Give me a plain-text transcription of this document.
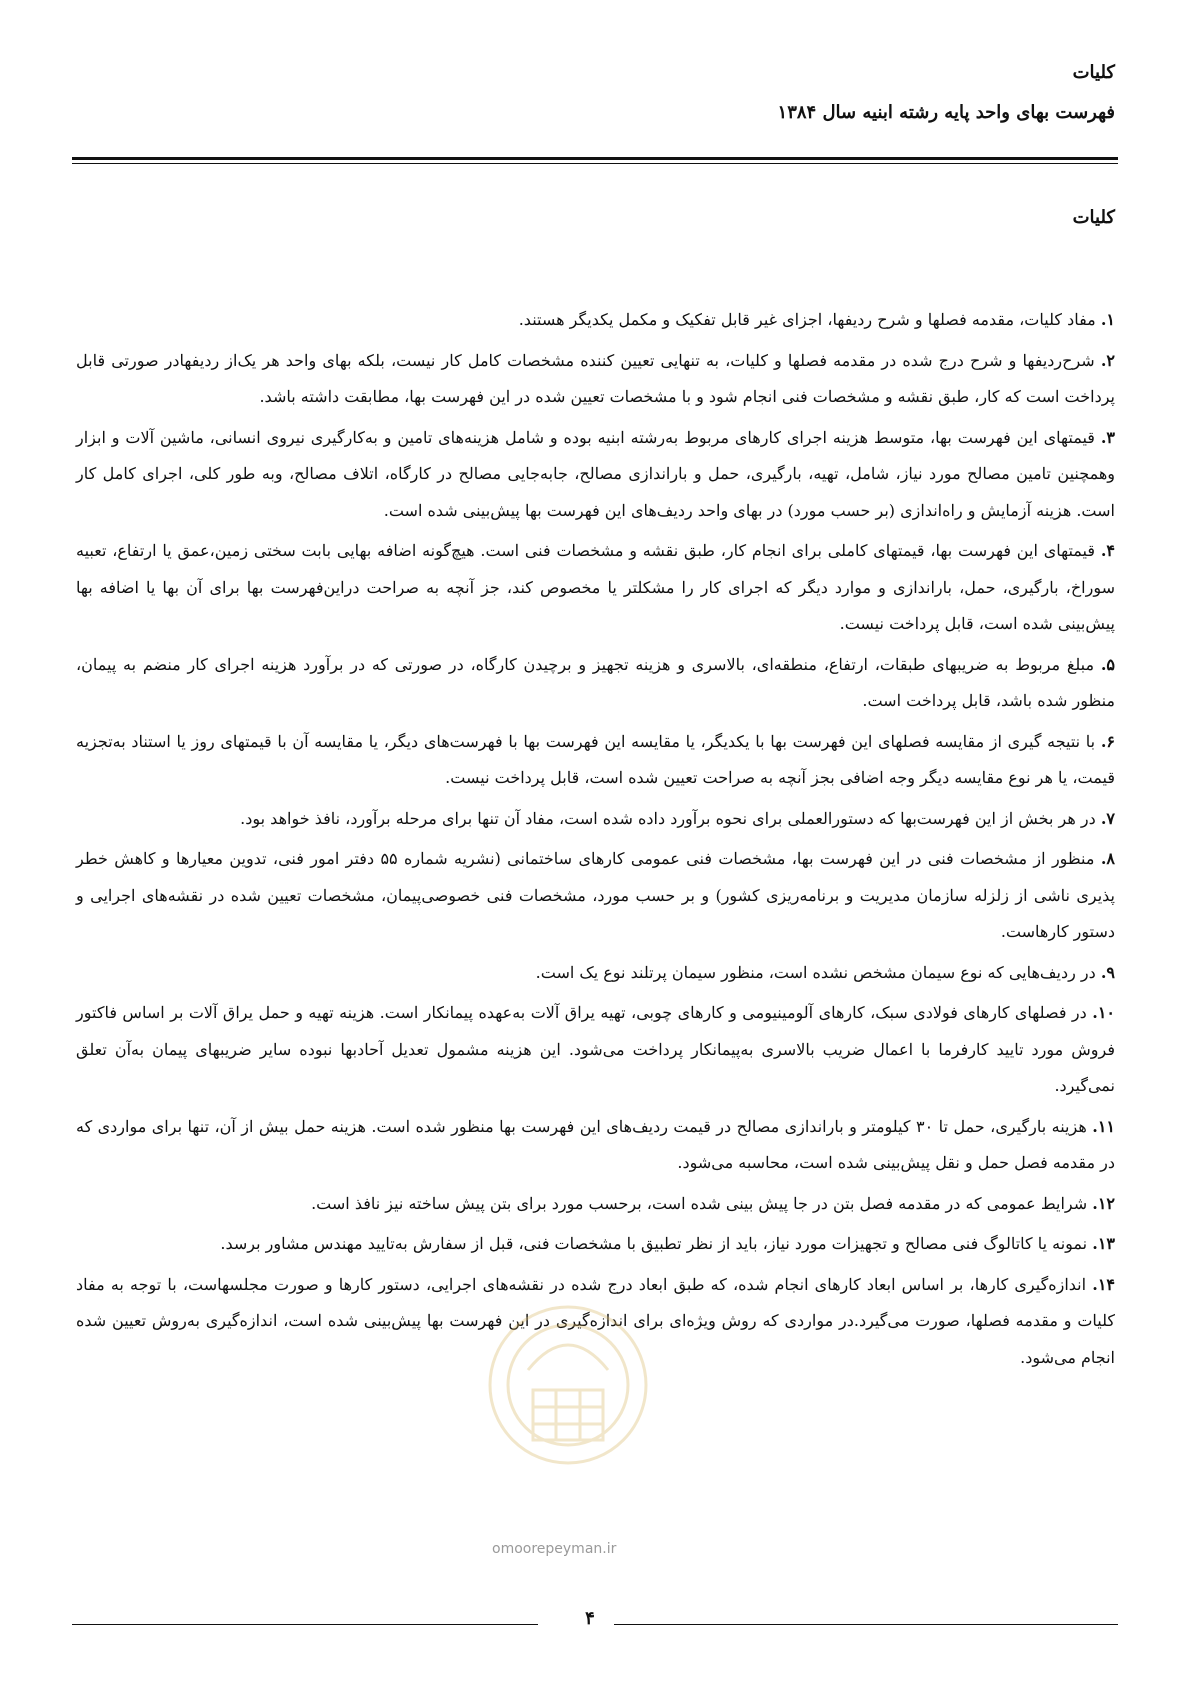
کلیات
فهرست بهای واحد پایه رشته ابنیه سال ۱۳۸۴
کلیات

۱. مفاد کلیات، مقدمه فصلها و شرح ردیفها، اجزای غیر قابل تفکیک و مکمل یکدیگر هستند.

۲. شرح‌ردیفها و شرح درج شده در مقدمه فصلها و کلیات، به تنهایی تعیین کننده مشخصات کامل کار نیست، بلکه بهای واحد هر یک‌از ردیفهادر صورتی قابل پرداخت است که کار، طبق نقشه و مشخصات فنی انجام شود و با مشخصات تعیین شده در این فهرست بها، مطابقت داشته باشد.

۳. قیمتهای این فهرست بها، متوسط هزینه اجرای کارهای مربوط به‌رشته ابنیه بوده و شامل هزینه‌های تامین و به‌کارگیری نیروی انسانی، ماشین آلات و ابزار وهمچنین تامین مصالح مورد نیاز، شامل، تهیه، بارگیری، حمل و باراندازی مصالح، جابه‌جایی مصالح در کارگاه، اتلاف مصالح، وبه طور کلی، اجرای کامل کار است. هزینه آزمایش و راه‌اندازی (بر حسب مورد) در بهای واحد ردیف‌های این فهرست بها پیش‌بینی شده است.

۴. قیمتهای این فهرست بها، قیمتهای کاملی برای انجام کار، طبق نقشه و مشخصات فنی است. هیچ‌گونه اضافه بهایی بابت سختی زمین،عمق یا ارتفاع، تعبیه سوراخ، بارگیری، حمل، باراندازی و موارد دیگر که اجرای کار را مشکلتر یا مخصوص کند، جز آنچه به صراحت دراین‌فهرست بها برای آن بها یا اضافه بها پیش‌بینی شده است، قابل پرداخت نیست.

۵. مبلغ مربوط به ضریبهای طبقات، ارتفاع، منطقه‌ای، بالاسری و هزینه تجهیز و برچیدن کارگاه، در صورتی که در برآورد هزینه اجرای کار منضم به پیمان، منظور شده باشد، قابل پرداخت است.

۶. با نتیجه گیری از مقایسه فصلهای این فهرست بها با یکدیگر، یا مقایسه این فهرست بها با فهرست‌های دیگر، یا مقایسه آن با قیمتهای روز یا استناد به‌تجزیه قیمت، یا هر نوع مقایسه دیگر وجه اضافی بجز آنچه به صراحت تعیین شده است، قابل پرداخت نیست.

۷. در هر بخش از این فهرست‌بها که دستورالعملی برای نحوه برآورد داده شده است، مفاد آن تنها برای مرحله برآورد، نافذ خواهد بود.

۸. منظور از مشخصات فنی در این فهرست بها، مشخصات فنی عمومی کارهای ساختمانی (نشریه شماره ۵۵ دفتر امور فنی، تدوین معیارها و کاهش خطر پذیری ناشی از زلزله سازمان مدیریت و برنامه‌ریزی کشور) و بر حسب مورد، مشخصات فنی خصوصی‌پیمان، مشخصات تعیین شده در نقشه‌های اجرایی و دستور کارهاست.

۹. در ردیف‌هایی که نوع سیمان مشخص نشده است، منظور سیمان پرتلند نوع یک است.

۱۰. در فصلهای کارهای فولادی سبک، کارهای آلومینیومی و کارهای چوبی، تهیه یراق آلات به‌عهده پیمانکار است. هزینه تهیه و حمل یراق آلات بر اساس فاکتور فروش مورد تایید کارفرما با اعمال ضریب بالاسری به‌پیمانکار پرداخت می‌شود. این هزینه مشمول تعدیل آحادبها نبوده سایر ضریبهای پیمان به‌آن تعلق نمی‌گیرد.

۱۱. هزینه بارگیری، حمل تا ۳۰ کیلومتر و باراندازی مصالح در قیمت ردیف‌های این فهرست بها منظور شده است. هزینه حمل بیش از آن، تنها برای مواردی که در مقدمه فصل حمل و نقل پیش‌بینی شده است، محاسبه می‌شود.

۱۲. شرایط عمومی که در مقدمه فصل بتن در جا پیش بینی شده است، برحسب مورد برای بتن پیش ساخته نیز نافذ است.

۱۳. نمونه یا کاتالوگ فنی مصالح و تجهیزات مورد نیاز، باید از نظر تطبیق با مشخصات فنی، قبل از سفارش به‌تایید مهندس مشاور برسد.

۱۴. اندازه‌گیری کارها، بر اساس ابعاد کارهای انجام شده، که طبق ابعاد درج شده در نقشه‌های اجرایی، دستور کارها و صورت مجلسهاست، با توجه به مفاد کلیات و مقدمه فصلها، صورت می‌گیرد.در مواردی که روش ویژه‌ای برای اندازه‌گیری در این فهرست بها پیش‌بینی شده است، اندازه‌گیری به‌روش تعیین شده انجام می‌شود.

omoorepeyman.ir
۴
